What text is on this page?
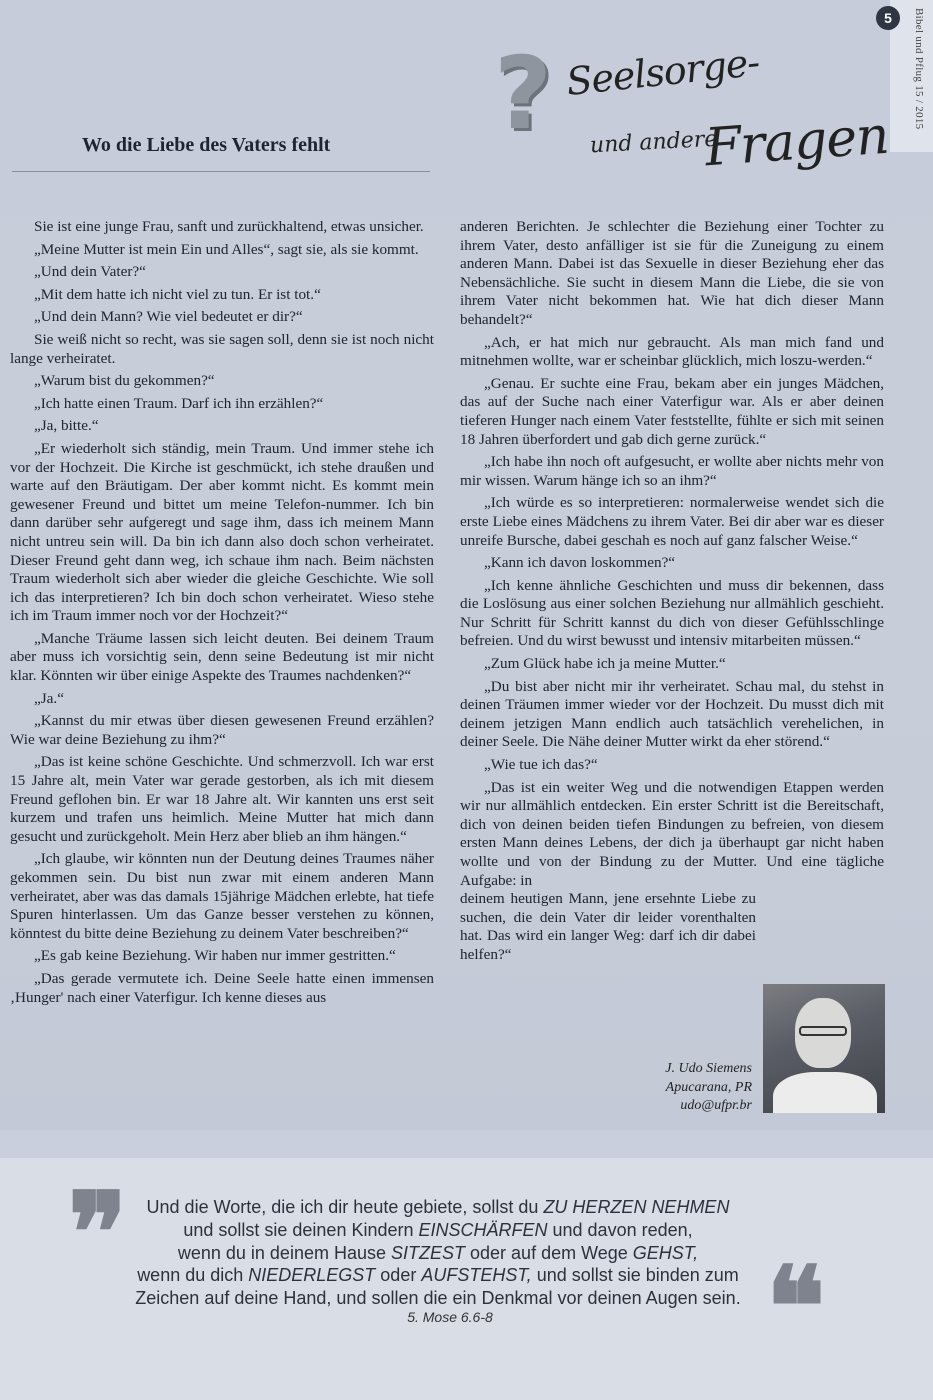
5	Bibel und Pflug 15 / 2015
? Seelsorge-
und andere
Fragen
Wo die Liebe des Vaters fehlt

Sie ist eine junge Frau, sanft und zurückhaltend, etwas unsicher.

„Meine Mutter ist mein Ein und Alles“, sagt sie, als sie kommt.

„Und dein Vater?“

„Mit dem hatte ich nicht viel zu tun. Er ist tot.“

„Und dein Mann? Wie viel bedeutet er dir?“

Sie weiß nicht so recht, was sie sagen soll, denn sie ist noch nicht lange verheiratet.

„Warum bist du gekommen?“

„Ich hatte einen Traum. Darf ich ihn erzählen?“

„Ja, bitte.“

„Er wiederholt sich ständig, mein Traum. Und immer stehe ich vor der Hochzeit. Die Kirche ist geschmückt, ich stehe draußen und warte auf den Bräutigam. Der aber kommt nicht. Es kommt mein gewesener Freund und bittet um meine Telefon-nummer. Ich bin dann darüber sehr aufgeregt und sage ihm, dass ich meinem Mann nicht untreu sein will. Da bin ich dann also doch schon verheiratet. Dieser Freund geht dann weg, ich schaue ihm nach. Beim nächsten Traum wiederholt sich aber wieder die gleiche Geschichte. Wie soll ich das interpretieren? Ich bin doch schon verheiratet. Wieso stehe ich im Traum immer noch vor der Hochzeit?“

„Manche Träume lassen sich leicht deuten. Bei deinem Traum aber muss ich vorsichtig sein, denn seine Bedeutung ist mir nicht klar. Könnten wir über einige Aspekte des Traumes nachdenken?“

„Ja.“

„Kannst du mir etwas über diesen gewesenen Freund erzählen? Wie war deine Beziehung zu ihm?“

„Das ist keine schöne Geschichte. Und schmerzvoll. Ich war erst 15 Jahre alt, mein Vater war gerade gestorben, als ich mit diesem Freund geflohen bin. Er war 18 Jahre alt. Wir kannten uns erst seit kurzem und trafen uns heimlich. Meine Mutter hat mich dann gesucht und zurückgeholt. Mein Herz aber blieb an ihm hängen.“

„Ich glaube, wir könnten nun der Deutung deines Traumes näher gekommen sein. Du bist nun zwar mit einem anderen Mann verheiratet, aber was das damals 15jährige Mädchen erlebte, hat tiefe Spuren hinterlassen. Um das Ganze besser verstehen zu können, könntest du bitte deine Beziehung zu deinem Vater beschreiben?“

„Es gab keine Beziehung. Wir haben nur immer gestritten.“

„Das gerade vermutete ich. Deine Seele hatte einen immensen ‚Hunger' nach einer Vaterfigur. Ich kenne dieses aus

anderen Berichten. Je schlechter die Beziehung einer Tochter zu ihrem Vater, desto anfälliger ist sie für die Zuneigung zu einem anderen Mann. Dabei ist das Sexuelle in dieser Beziehung eher das Nebensächliche. Sie sucht in diesem Mann die Liebe, die sie von ihrem Vater nicht bekommen hat. Wie hat dich dieser Mann behandelt?“

„Ach, er hat mich nur gebraucht. Als man mich fand und mitnehmen wollte, war er scheinbar glücklich, mich loszu-werden.“

„Genau. Er suchte eine Frau, bekam aber ein junges Mädchen, das auf der Suche nach einer Vaterfigur war. Als er aber deinen tieferen Hunger nach einem Vater feststellte, fühlte er sich mit seinen 18 Jahren überfordert und gab dich gerne zurück.“

„Ich habe ihn noch oft aufgesucht, er wollte aber nichts mehr von mir wissen. Warum hänge ich so an ihm?“

„Ich würde es so interpretieren: normalerweise wendet sich die erste Liebe eines Mädchens zu ihrem Vater. Bei dir aber war es dieser unreife Bursche, dabei geschah es noch auf ganz falscher Weise.“

„Kann ich davon loskommen?“

„Ich kenne ähnliche Geschichten und muss dir bekennen, dass die Loslösung aus einer solchen Beziehung nur allmählich geschieht. Nur Schritt für Schritt kannst du dich von dieser Gefühlsschlinge befreien. Und du wirst bewusst und intensiv mitarbeiten müssen.“

„Zum Glück habe ich ja meine Mutter.“

„Du bist aber nicht mir ihr verheiratet. Schau mal, du stehst in deinen Träumen immer wieder vor der Hochzeit. Du musst dich mit deinem jetzigen Mann endlich auch tatsächlich verehelichen, in deiner Seele. Die Nähe deiner Mutter wirkt da eher störend.“

„Wie tue ich das?“

„Das ist ein weiter Weg und die notwendigen Etappen werden wir nur allmählich entdecken. Ein erster Schritt ist die Bereitschaft, dich von deinen beiden tiefen Bindungen zu befreien, von diesem ersten Mann deines Lebens, der dich ja überhaupt gar nicht haben wollte und von der Bindung zu der Mutter. Und eine tägliche Aufgabe: in

deinem heutigen Mann, jene ersehnte Liebe zu suchen, die dein Vater dir leider vorenthalten hat. Das wird ein langer Weg: darf ich dir dabei helfen?“

J. Udo Siemens
Apucarana, PR
udo@ufpr.br
❞
❝
Und die Worte, die ich dir heute gebiete, sollst du ZU HERZEN NEHMEN
und sollst sie deinen Kindern EINSCHÄRFEN und davon reden,
wenn du in deinem Hause SITZEST oder auf dem Wege GEHST,
wenn du dich NIEDERLEGST oder AUFSTEHST, und sollst sie binden zum
Zeichen auf deine Hand, und sollen die ein Denkmal vor deinen Augen sein.
5. Mose 6.6-8
